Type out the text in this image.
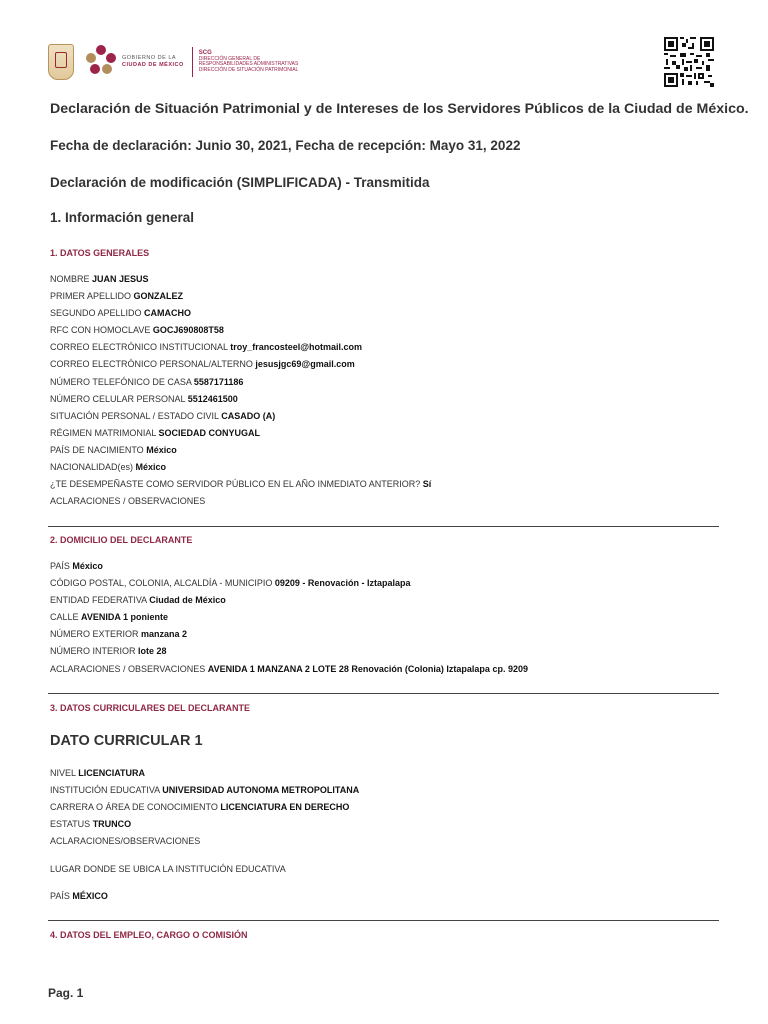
GOBIERNO DE LA
CIUDAD DE MÉXICO
SCG
DIRECCIÓN GENERAL DE
RESPONSABILIDADES ADMINISTRATIVAS
DIRECCIÓN DE SITUACIÓN PATRIMONIAL
Declaración de Situación Patrimonial y de Intereses de los Servidores Públicos de la Ciudad de México.
Fecha de declaración: Junio 30, 2021, Fecha de recepción: Mayo 31, 2022
Declaración de modificación (SIMPLIFICADA) - Transmitida
1. Información general
1. DATOS GENERALES
NOMBRE JUAN JESUS
PRIMER APELLIDO GONZALEZ
SEGUNDO APELLIDO CAMACHO
RFC CON HOMOCLAVE GOCJ690808T58
CORREO ELECTRÓNICO INSTITUCIONAL troy_francosteel@hotmail.com
CORREO ELECTRÓNICO PERSONAL/ALTERNO jesusjgc69@gmail.com
NÚMERO TELEFÓNICO DE CASA 5587171186
NÚMERO CELULAR PERSONAL 5512461500
SITUACIÓN PERSONAL / ESTADO CIVIL CASADO (A)
RÉGIMEN MATRIMONIAL SOCIEDAD CONYUGAL
PAÍS DE NACIMIENTO México
NACIONALIDAD(es) México
¿TE DESEMPEÑASTE COMO SERVIDOR PÚBLICO EN EL AÑO INMEDIATO ANTERIOR? Sí
ACLARACIONES / OBSERVACIONES
2. DOMICILIO DEL DECLARANTE
PAÍS México
CÓDIGO POSTAL, COLONIA, ALCALDÍA - MUNICIPIO 09209 - Renovación - Iztapalapa
ENTIDAD FEDERATIVA Ciudad de México
CALLE AVENIDA 1 poniente
NÚMERO EXTERIOR manzana 2
NÚMERO INTERIOR lote 28
ACLARACIONES / OBSERVACIONES AVENIDA 1 MANZANA 2 LOTE 28 Renovación (Colonia) Iztapalapa cp. 9209
3. DATOS CURRICULARES DEL DECLARANTE
DATO CURRICULAR 1
NIVEL LICENCIATURA
INSTITUCIÓN EDUCATIVA UNIVERSIDAD AUTONOMA METROPOLITANA
CARRERA O ÁREA DE CONOCIMIENTO LICENCIATURA EN DERECHO
ESTATUS TRUNCO
ACLARACIONES/OBSERVACIONES
LUGAR DONDE SE UBICA LA INSTITUCIÓN EDUCATIVA
PAÍS MÉXICO
4. DATOS DEL EMPLEO, CARGO O COMISIÓN
Pag. 1
